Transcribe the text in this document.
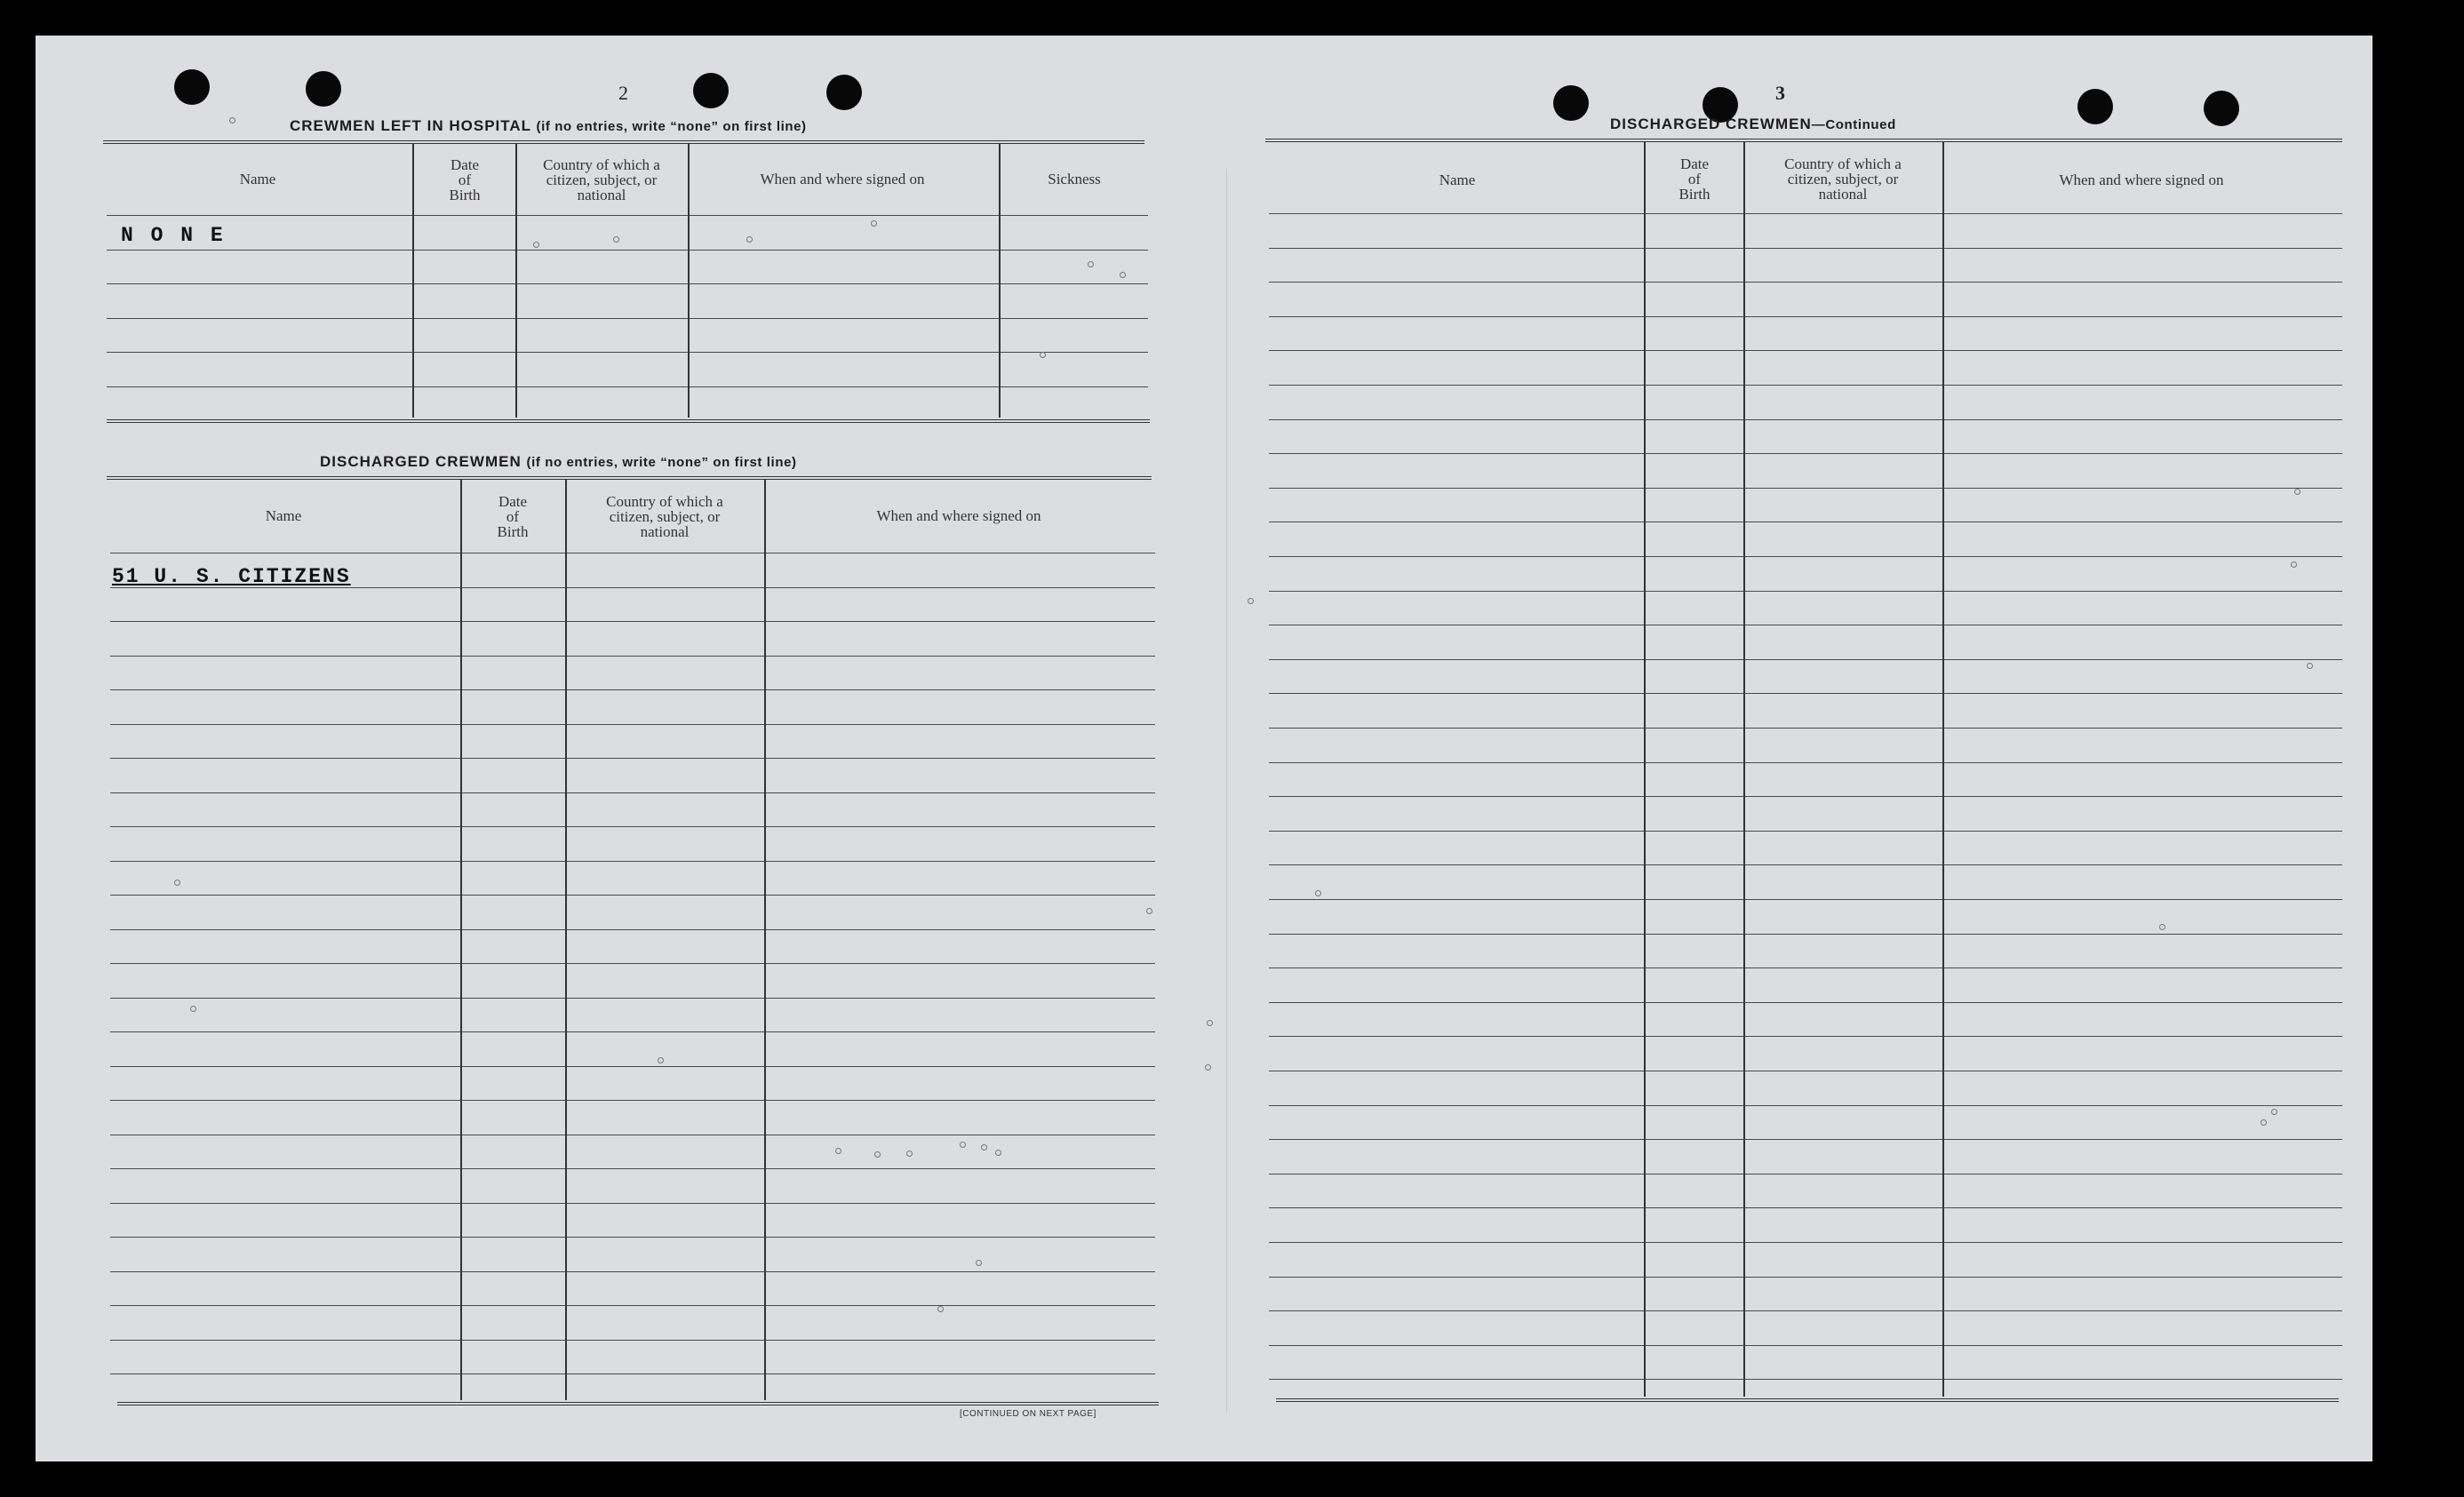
2
CREWMEN LEFT IN HOSPITAL (if no entries, write “none” on first line)
Name
Date
of
Birth
Country of which a
citizen, subject, or
national
When and where signed on	Sickness
N O N E
DISCHARGED CREWMEN (if no entries, write “none” on first line)
Name
Date
of
Birth
Country of which a
citizen, subject, or
national
When and where signed on
51 U. S. CITIZENS
[CONTINUED ON NEXT PAGE]
3
DISCHARGED CREWMEN—Continued
Name
Date
of
Birth
Country of which a
citizen, subject, or
national
When and where signed on
